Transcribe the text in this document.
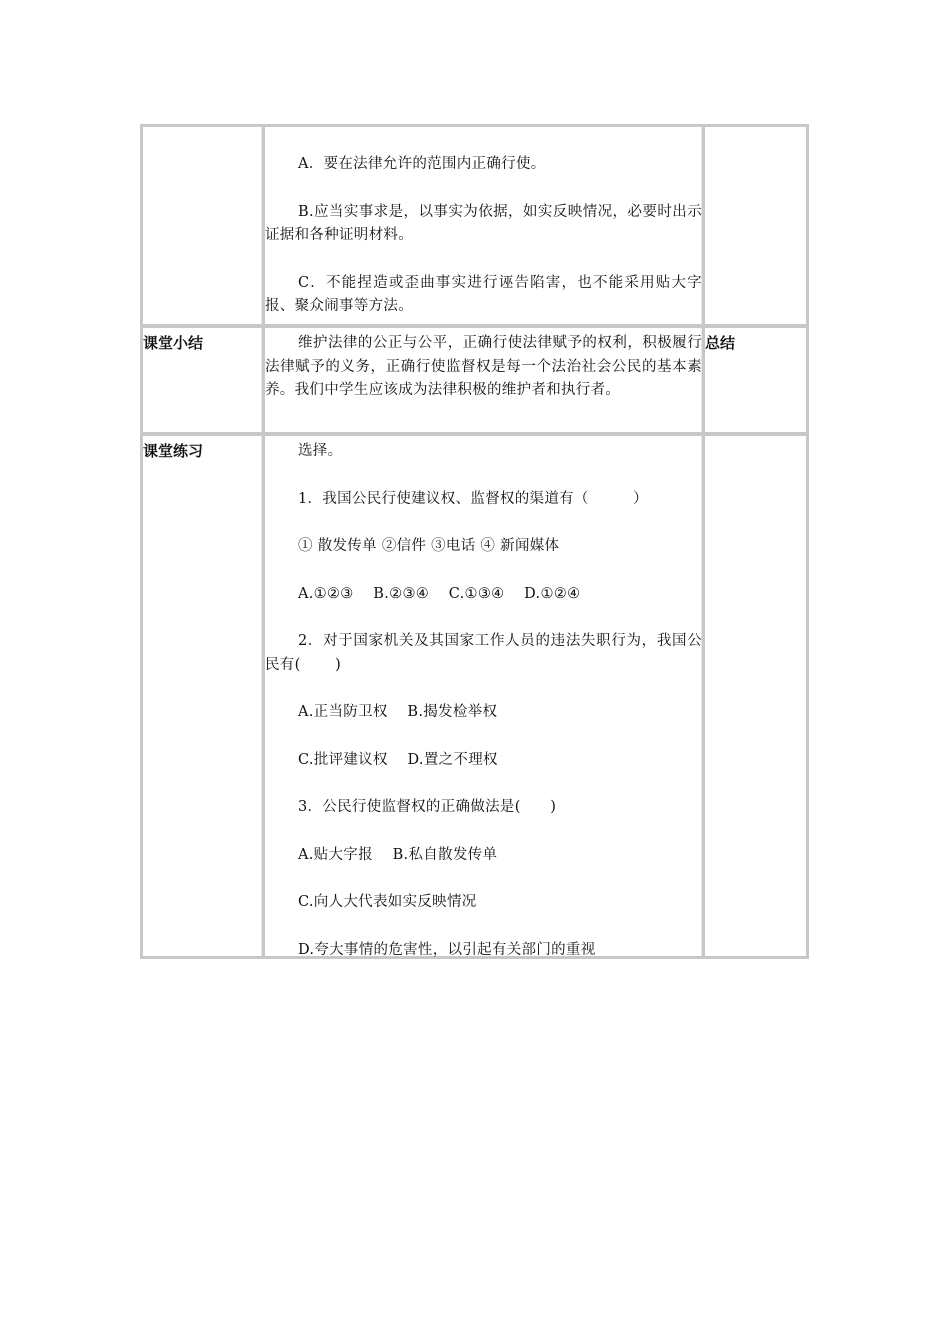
A．要在法律允许的范围内正确行使。

B.应当实事求是，以事实为依据，如实反映情况，必要时出示证据和各种证明材料。

C．不能捏造或歪曲事实进行诬告陷害，也不能采用贴大字报、聚众闹事等方法。

课堂小结	维护法律的公正与公平，正确行使法律赋予的权利，积极履行法律赋予的义务，正确行使监督权是每一个法治社会公民的基本素养。我们中学生应该成为法律积极的维护者和执行者。

总结
课堂练习	选择。

1．我国公民行使建议权、监督权的渠道有（　　　）

① 散发传单 ②信件 ③电话 ④ 新闻媒体

A.①②③　 B.②③④　 C.①③④　 D.①②④

2．对于国家机关及其国家工作人员的违法失职行为，我国公民有(　　 )

A.正当防卫权　 B.揭发检举权

C.批评建议权　 D.置之不理权

3．公民行使监督权的正确做法是(　　)

A.贴大字报　 B.私自散发传单

C.向人大代表如实反映情况

D.夸大事情的危害性，以引起有关部门的重视
